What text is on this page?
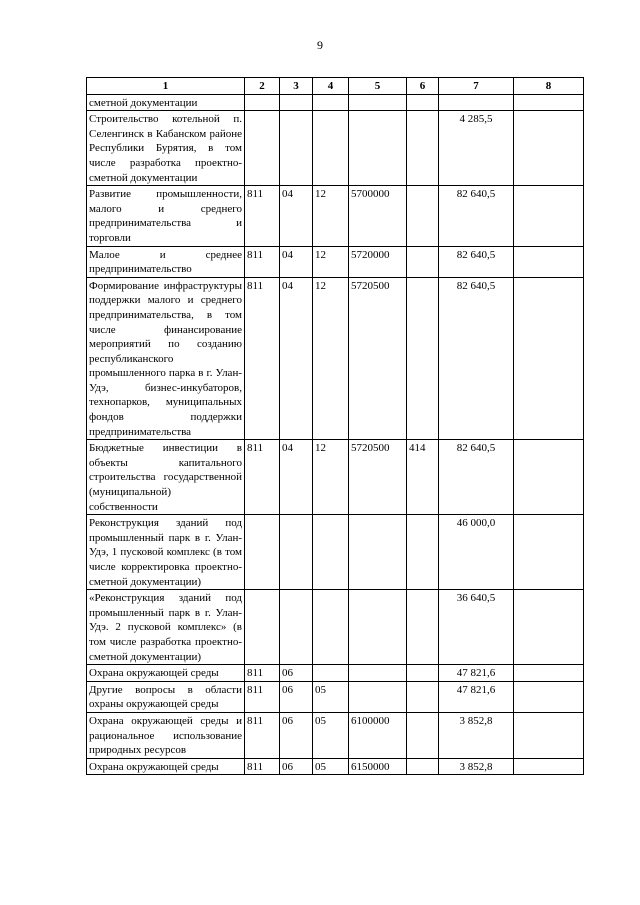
9
1	2	3	4	5	6	7	8
сметной документации							
Строительство котельной п. Селенгинск в Кабанском районе Республики Бурятия, в том числе разработка проектно-сметной документации						4 285,5	
Развитие промышленности, малого и среднего предпринимательства и торговли	811	04	12	5700000		82 640,5	
Малое и среднее предпринимательство	811	04	12	5720000		82 640,5	
Формирование инфраструктуры поддержки малого и среднего предпринимательства, в том числе финансирование мероприятий по созданию республиканского промышленного парка в г. Улан-Удэ, бизнес-инкубаторов, технопарков, муниципальных фондов поддержки предпринимательства	811	04	12	5720500		82 640,5	
Бюджетные инвестиции в объекты капитального строительства государственной (муниципальной) собственности	811	04	12	5720500	414	82 640,5	
Реконструкция зданий под промышленный парк в г. Улан-Удэ, 1 пусковой комплекс (в том числе корректировка проектно-сметной документации)						46 000,0	
«Реконструкция зданий под промышленный парк в г. Улан-Удэ. 2 пусковой комплекс» (в том числе разработка проектно-сметной документации)						36 640,5	
Охрана окружающей среды	811	06				47 821,6	
Другие вопросы в области охраны окружающей среды	811	06	05			47 821,6	
Охрана окружающей среды и рациональное использование природных ресурсов	811	06	05	6100000		3 852,8	
Охрана окружающей среды	811	06	05	6150000		3 852,8	
